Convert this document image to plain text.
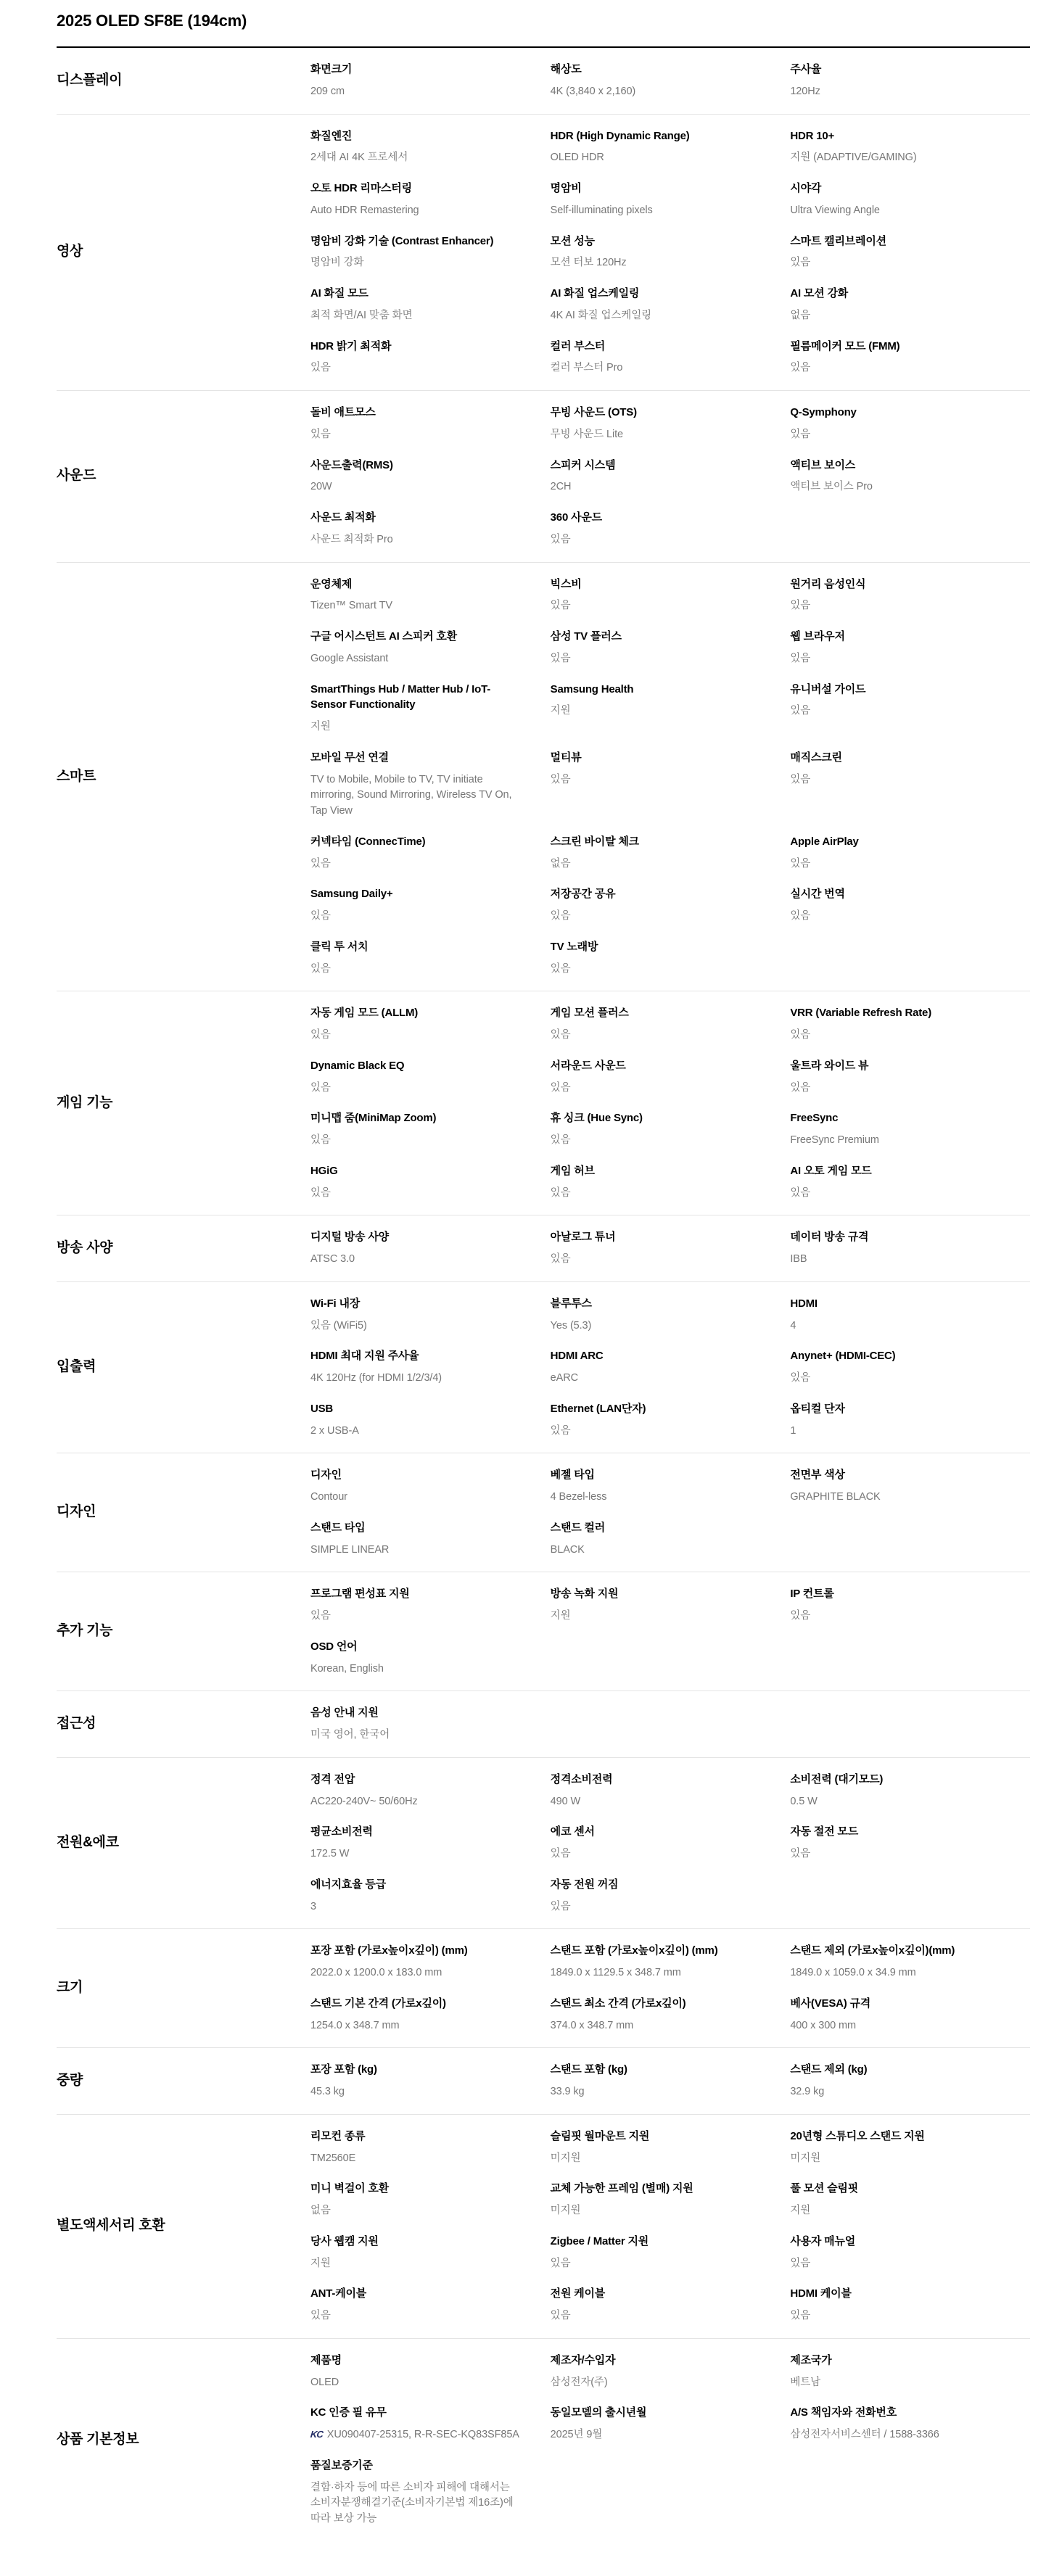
2025 OLED SF8E (194cm)
디스플레이
화면크기
209 cm
해상도
4K (3,840 x 2,160)
주사율
120Hz
영상
화질엔진
2세대 AI 4K 프로세서
HDR (High Dynamic Range)
OLED HDR
HDR 10+
지원 (ADAPTIVE/GAMING)
오토 HDR 리마스터링
Auto HDR Remastering
명암비
Self-illuminating pixels
시야각
Ultra Viewing Angle
명암비 강화 기술 (Contrast Enhancer)
명암비 강화
모션 성능
모션 터보 120Hz
스마트 캘리브레이션
있음
AI 화질 모드
최적 화면/AI 맞춤 화면
AI 화질 업스케일링
4K AI 화질 업스케일링
AI 모션 강화
없음
HDR 밝기 최적화
있음
컬러 부스터
컬러 부스터 Pro
필름메이커 모드 (FMM)
있음
사운드
돌비 애트모스
있음
무빙 사운드 (OTS)
무빙 사운드 Lite
Q-Symphony
있음
사운드출력(RMS)
20W
스피커 시스템
2CH
액티브 보이스
액티브 보이스 Pro
사운드 최적화
사운드 최적화 Pro
360 사운드
있음
스마트
운영체제
Tizen™ Smart TV
빅스비
있음
원거리 음성인식
있음
구글 어시스턴트 AI 스피커 호환
Google Assistant
삼성 TV 플러스
있음
웹 브라우저
있음
SmartThings Hub / Matter Hub / IoT-Sensor Functionality
지원
Samsung Health
지원
유니버설 가이드
있음
모바일 무선 연결
TV to Mobile, Mobile to TV, TV initiate mirroring, Sound Mirroring, Wireless TV On, Tap View
멀티뷰
있음
매직스크린
있음
커넥타임 (ConnecTime)
있음
스크린 바이탈 체크
없음
Apple AirPlay
있음
Samsung Daily+
있음
저장공간 공유
있음
실시간 번역
있음
클릭 투 서치
있음
TV 노래방
있음
게임 기능
자동 게임 모드 (ALLM)
있음
게임 모션 플러스
있음
VRR (Variable Refresh Rate)
있음
Dynamic Black EQ
있음
서라운드 사운드
있음
울트라 와이드 뷰
있음
미니맵 줌(MiniMap Zoom)
있음
휴 싱크 (Hue Sync)
있음
FreeSync
FreeSync Premium
HGiG
있음
게임 허브
있음
AI 오토 게임 모드
있음
방송 사양
디지털 방송 사양
ATSC 3.0
아날로그 튜너
있음
데이터 방송 규격
IBB
입출력
Wi-Fi 내장
있음 (WiFi5)
블루투스
Yes (5.3)
HDMI
4
HDMI 최대 지원 주사율
4K 120Hz (for HDMI 1/2/3/4)
HDMI ARC
eARC
Anynet+ (HDMI-CEC)
있음
USB
2 x USB-A
Ethernet (LAN단자)
있음
옵티컬 단자
1
디자인
디자인
Contour
베젤 타입
4 Bezel-less
전면부 색상
GRAPHITE BLACK
스탠드 타입
SIMPLE LINEAR
스탠드 컬러
BLACK
추가 기능
프로그램 편성표 지원
있음
방송 녹화 지원
지원
IP 컨트롤
있음
OSD 언어
Korean, English
접근성
음성 안내 지원
미국 영어, 한국어
전원&에코
정격 전압
AC220-240V~ 50/60Hz
정격소비전력
490 W
소비전력 (대기모드)
0.5 W
평균소비전력
172.5 W
에코 센서
있음
자동 절전 모드
있음
에너지효율 등급
3
자동 전원 꺼짐
있음
크기
포장 포함 (가로x높이x깊이) (mm)
2022.0 x 1200.0 x 183.0 mm
스탠드 포함 (가로x높이x깊이) (mm)
1849.0 x 1129.5 x 348.7 mm
스탠드 제외 (가로x높이x깊이)(mm)
1849.0 x 1059.0 x 34.9 mm
스탠드 기본 간격 (가로x깊이)
1254.0 x 348.7 mm
스탠드 최소 간격 (가로x깊이)
374.0 x 348.7 mm
베사(VESA) 규격
400 x 300 mm
중량
포장 포함 (kg)
45.3 kg
스탠드 포함 (kg)
33.9 kg
스탠드 제외 (kg)
32.9 kg
별도액세서리 호환
리모컨 종류
TM2560E
슬림핏 월마운트 지원
미지원
20년형 스튜디오 스탠드 지원
미지원
미니 벽걸이 호환
없음
교체 가능한 프레임 (별매) 지원
미지원
풀 모션 슬림핏
지원
당사 웹캠 지원
지원
Zigbee / Matter 지원
있음
사용자 매뉴얼
있음
ANT-케이블
있음
전원 케이블
있음
HDMI 케이블
있음
상품 기본정보
제품명
OLED
제조자/수입자
삼성전자(주)
제조국가
베트남
KC 인증 필 유무
KC XU090407-25315, R-R-SEC-KQ83SF85A
동일모델의 출시년월
2025년 9월
A/S 책임자와 전화번호
삼성전자서비스센터 / 1588-3366
품질보증기준
결함·하자 등에 따른 소비자 피해에 대해서는 소비자분쟁해결기준(소비자기본법 제16조)에 따라 보상 가능
